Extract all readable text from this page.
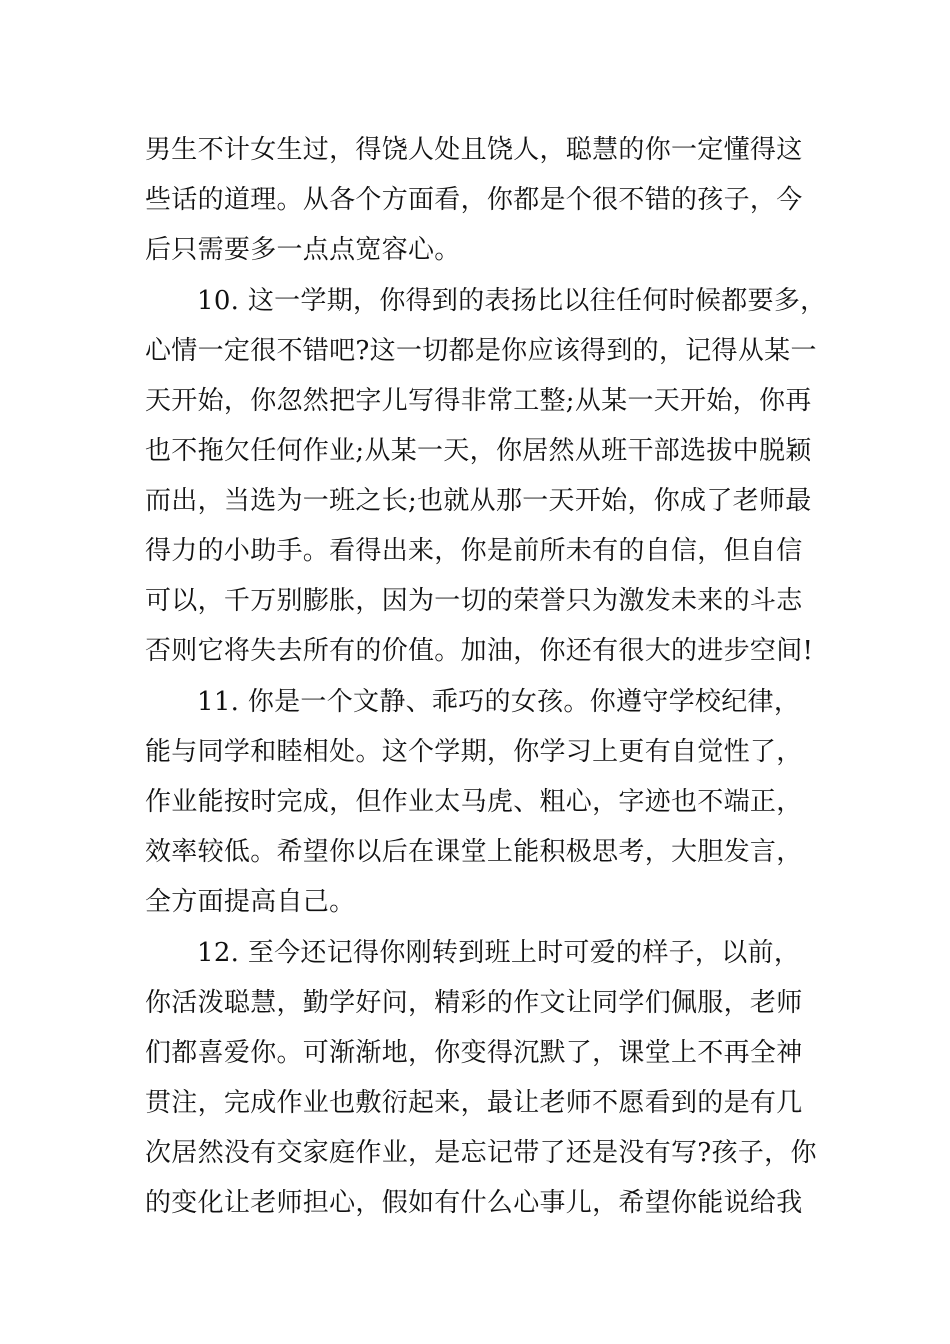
男生不计女生过，得饶人处且饶人，聪慧的你一定懂得这
些话的道理。从各个方面看，你都是个很不错的孩子，今
后只需要多一点点宽容心。
10. 这一学期，你得到的表扬比以往任何时候都要多，
心情一定很不错吧?这一切都是你应该得到的，记得从某一
天开始，你忽然把字儿写得非常工整;从某一天开始，你再
也不拖欠任何作业;从某一天，你居然从班干部选拔中脱颖
而出，当选为一班之长;也就从那一天开始，你成了老师最
得力的小助手。看得出来，你是前所未有的自信，但自信
可以，千万别膨胀，因为一切的荣誉只为激发未来的斗志
否则它将失去所有的价值。加油，你还有很大的进步空间!
11. 你是一个文静、乖巧的女孩。你遵守学校纪律，
能与同学和睦相处。这个学期，你学习上更有自觉性了，
作业能按时完成，但作业太马虎、粗心，字迹也不端正，
效率较低。希望你以后在课堂上能积极思考，大胆发言，
全方面提高自己。
12. 至今还记得你刚转到班上时可爱的样子，以前，
你活泼聪慧，勤学好问，精彩的作文让同学们佩服，老师
们都喜爱你。可渐渐地，你变得沉默了，课堂上不再全神
贯注，完成作业也敷衍起来，最让老师不愿看到的是有几
次居然没有交家庭作业，是忘记带了还是没有写?孩子，你
的变化让老师担心，假如有什么心事儿，希望你能说给我
